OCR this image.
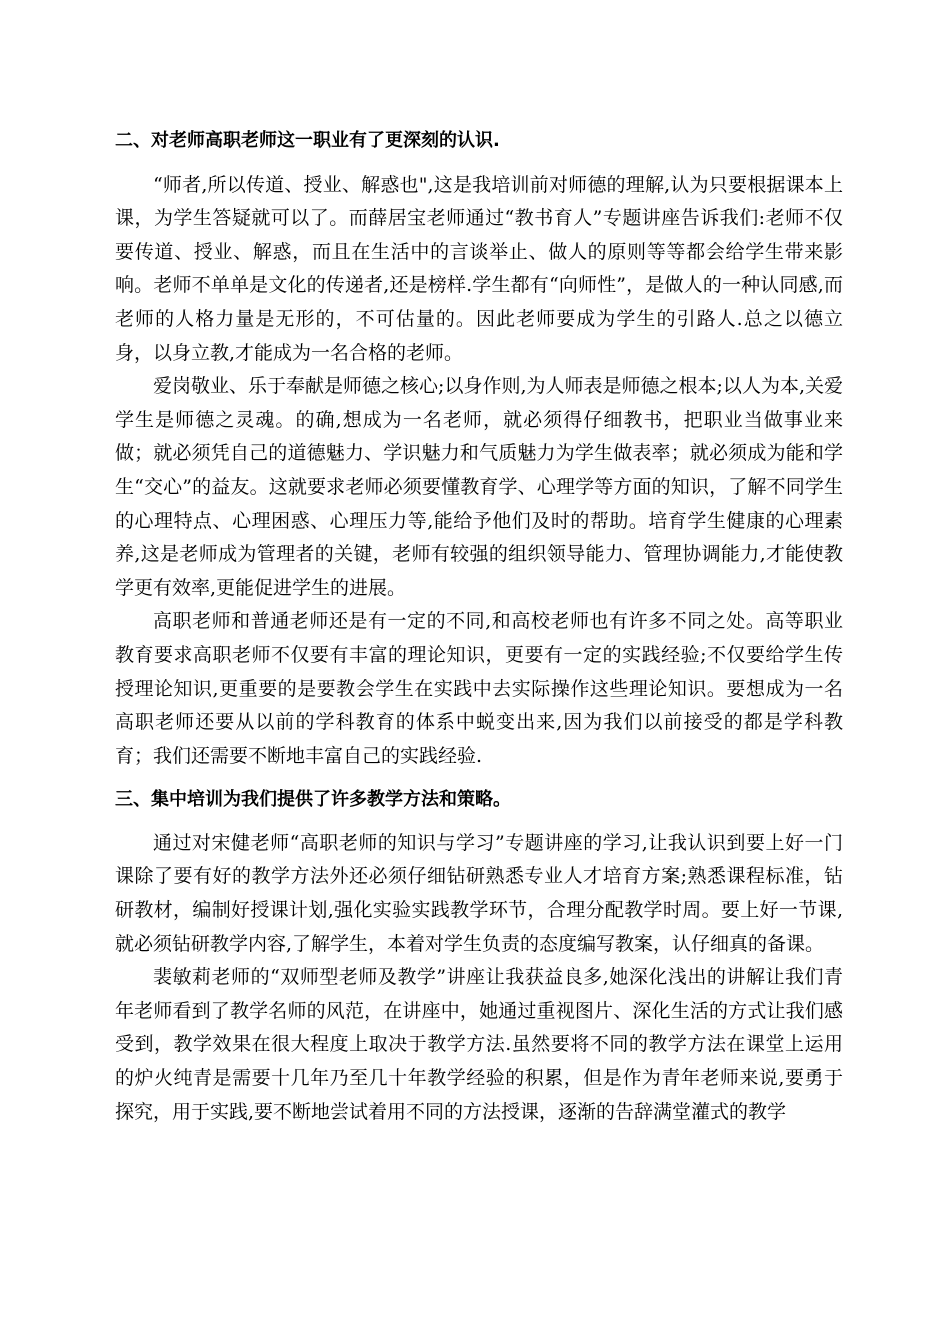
二、对老师高职老师这一职业有了更深刻的认识.

“师者,所以传道、授业、解惑也",这是我培训前对师德的理解,认为只要根据课本上课，为学生答疑就可以了。而薛居宝老师通过“教书育人”专题讲座告诉我们:老师不仅要传道、授业、解惑，而且在生活中的言谈举止、做人的原则等等都会给学生带来影响。老师不单单是文化的传递者,还是榜样.学生都有“向师性”，是做人的一种认同感,而老师的人格力量是无形的，不可估量的。因此老师要成为学生的引路人.总之以德立身，以身立教,才能成为一名合格的老师。

爱岗敬业、乐于奉献是师德之核心;以身作则,为人师表是师德之根本;以人为本,关爱学生是师德之灵魂。的确,想成为一名老师，就必须得仔细教书，把职业当做事业来做；就必须凭自己的道德魅力、学识魅力和气质魅力为学生做表率；就必须成为能和学生“交心”的益友。这就要求老师必须要懂教育学、心理学等方面的知识，了解不同学生的心理特点、心理困惑、心理压力等,能给予他们及时的帮助。培育学生健康的心理素养,这是老师成为管理者的关键，老师有较强的组织领导能力、管理协调能力,才能使教学更有效率,更能促进学生的进展。

高职老师和普通老师还是有一定的不同,和高校老师也有许多不同之处。高等职业教育要求高职老师不仅要有丰富的理论知识，更要有一定的实践经验;不仅要给学生传授理论知识,更重要的是要教会学生在实践中去实际操作这些理论知识。要想成为一名高职老师还要从以前的学科教育的体系中蜕变出来,因为我们以前接受的都是学科教育；我们还需要不断地丰富自己的实践经验.

三、集中培训为我们提供了许多教学方法和策略。

通过对宋健老师“高职老师的知识与学习”专题讲座的学习,让我认识到要上好一门课除了要有好的教学方法外还必须仔细钻研熟悉专业人才培育方案;熟悉课程标准，钻研教材，编制好授课计划,强化实验实践教学环节，合理分配教学时周。要上好一节课,就必须钻研教学内容,了解学生，本着对学生负责的态度编写教案，认仔细真的备课。

裴敏莉老师的“双师型老师及教学”讲座让我获益良多,她深化浅出的讲解让我们青年老师看到了教学名师的风范，在讲座中，她通过重视图片、深化生活的方式让我们感受到，教学效果在很大程度上取决于教学方法.虽然要将不同的教学方法在课堂上运用的炉火纯青是需要十几年乃至几十年教学经验的积累，但是作为青年老师来说,要勇于探究，用于实践,要不断地尝试着用不同的方法授课，逐渐的告辞满堂灌式的教学
